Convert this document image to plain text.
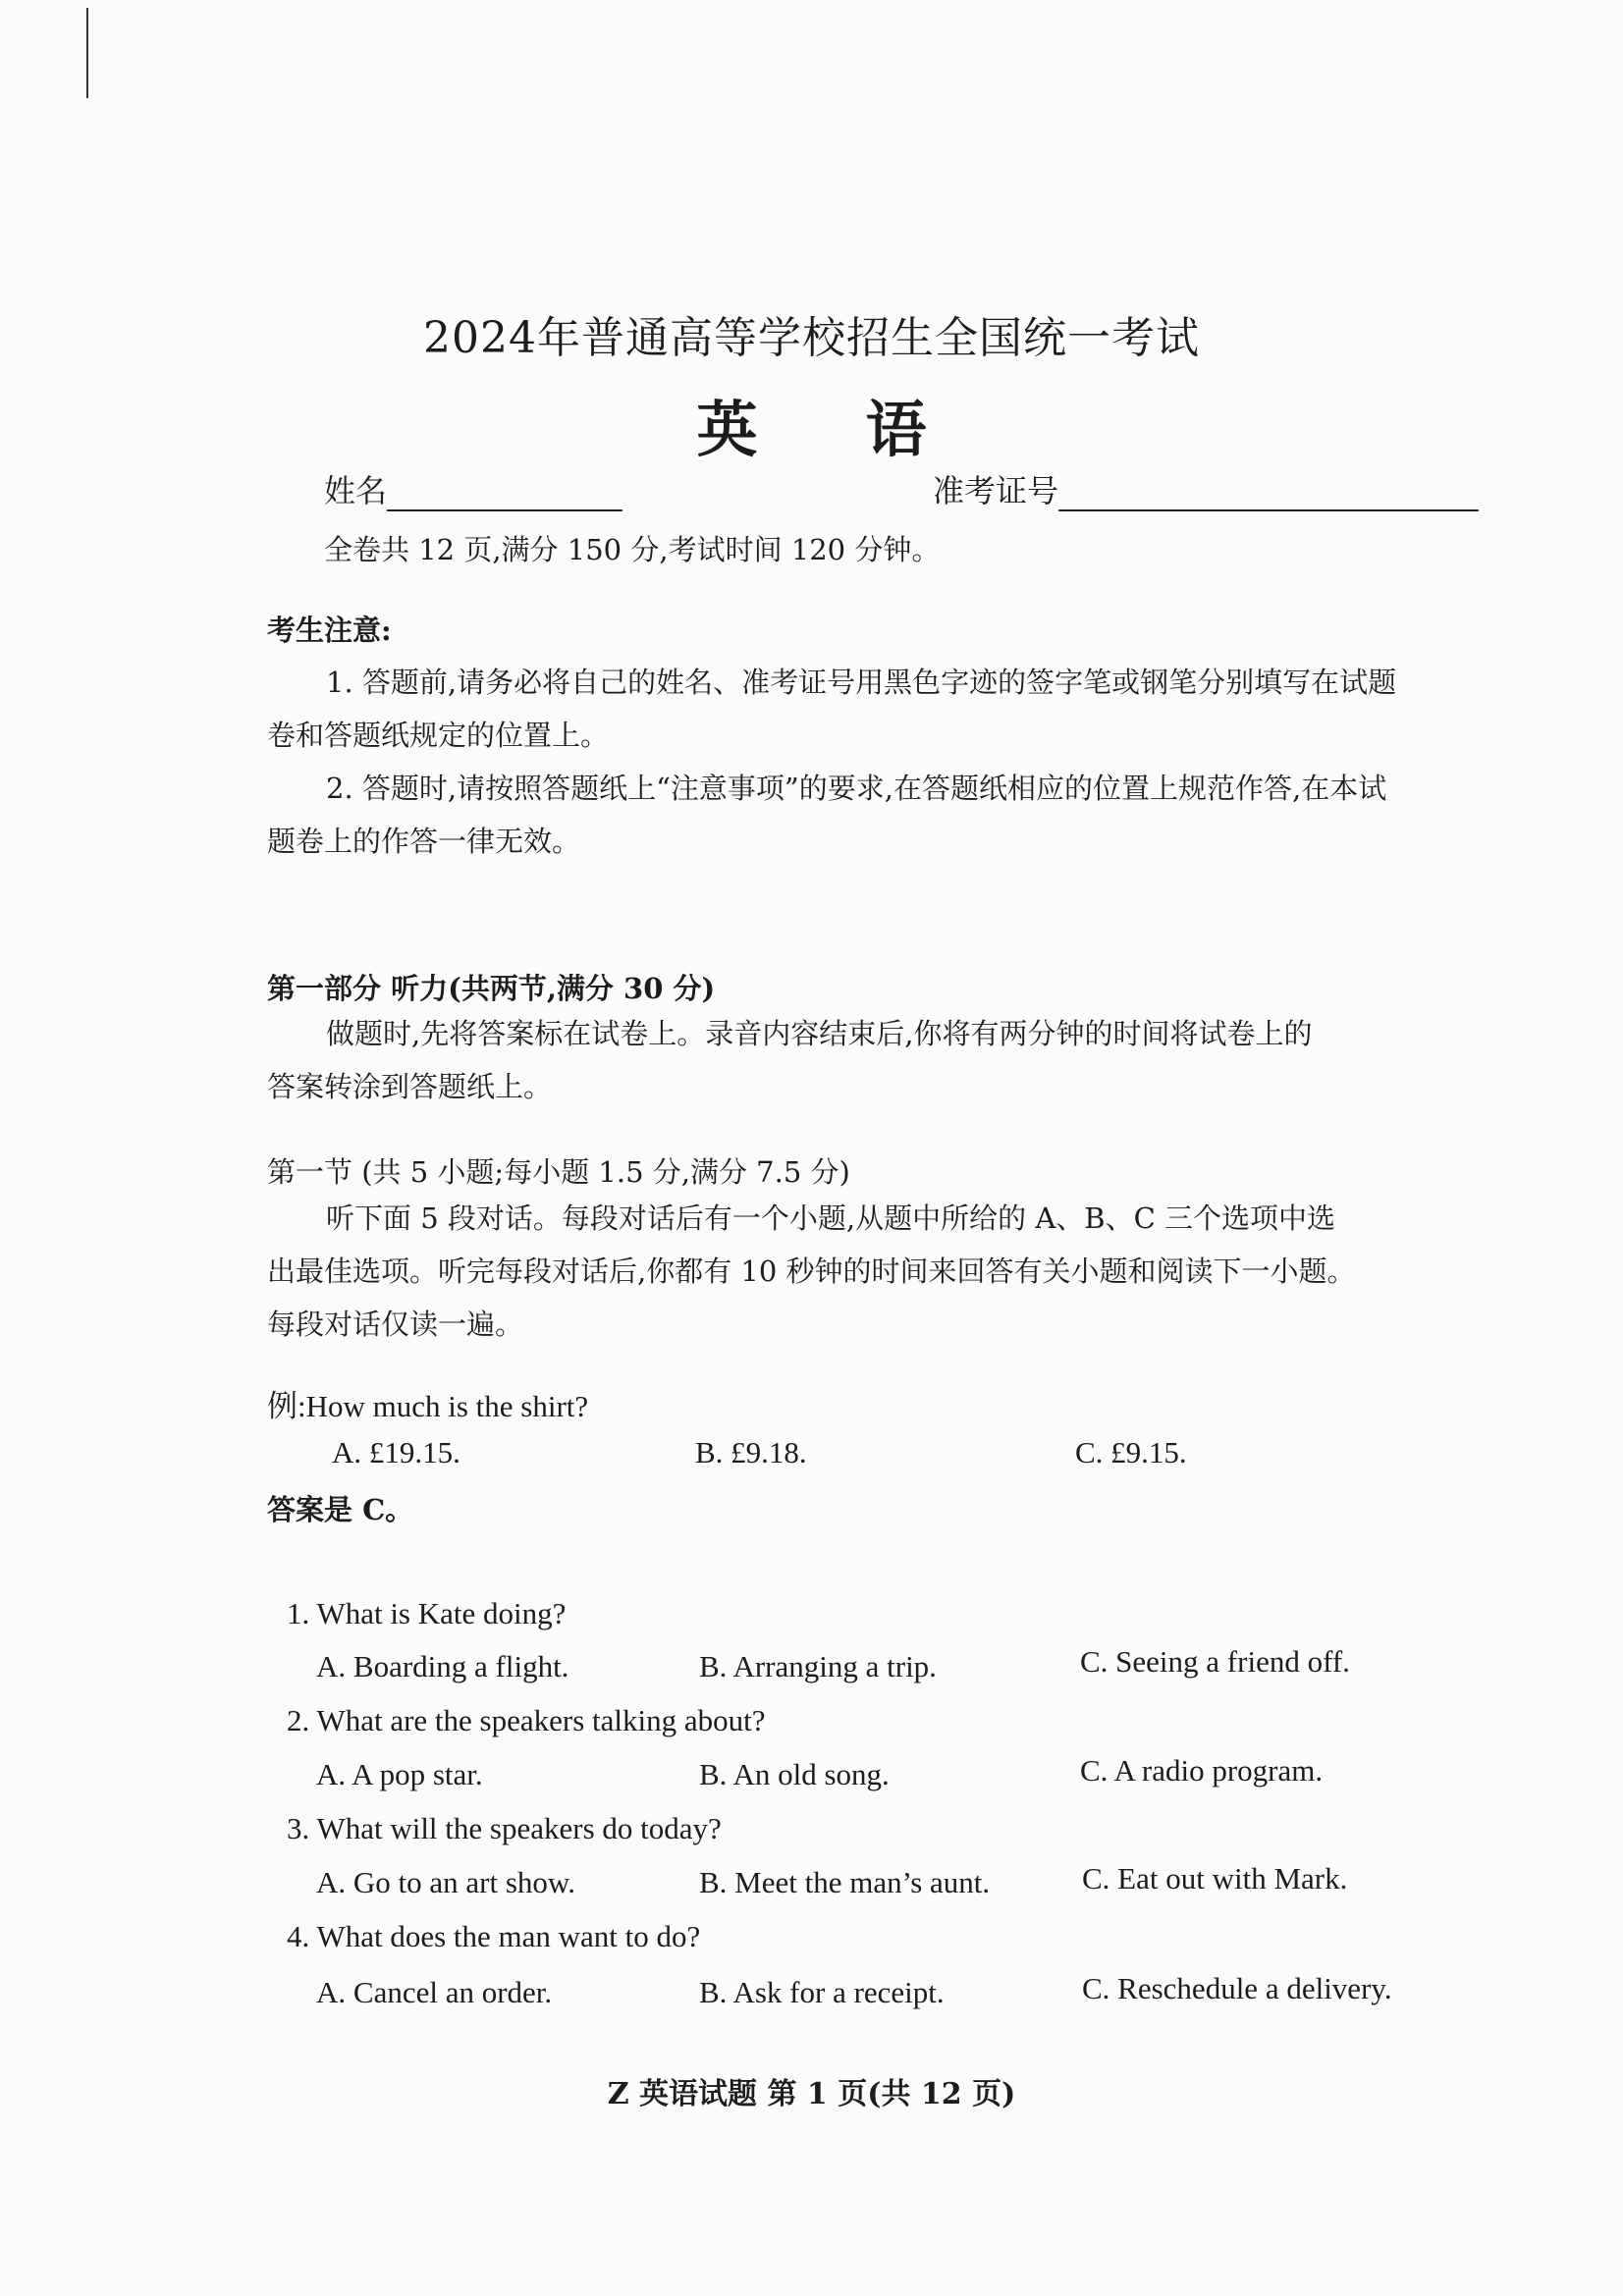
2024年普通高等学校招生全国统一考试
英语
姓名	准考证号
全卷共 12 页,满分 150 分,考试时间 120 分钟。
考生注意:
1. 答题前,请务必将自己的姓名、准考证号用黑色字迹的签字笔或钢笔分别填写在试题
卷和答题纸规定的位置上。
2. 答题时,请按照答题纸上“注意事项”的要求,在答题纸相应的位置上规范作答,在本试
题卷上的作答一律无效。
第一部分 听力(共两节,满分 30 分)
做题时,先将答案标在试卷上。录音内容结束后,你将有两分钟的时间将试卷上的
答案转涂到答题纸上。
第一节 (共 5 小题;每小题 1.5 分,满分 7.5 分)
听下面 5 段对话。每段对话后有一个小题,从题中所给的 A、B、C 三个选项中选
出最佳选项。听完每段对话后,你都有 10 秒钟的时间来回答有关小题和阅读下一小题。
每段对话仅读一遍。
例:How much is the shirt?
A. £19.15.	B. £9.18.	C. £9.15.
答案是 C。
1. What is Kate doing?
A. Boarding a flight.	B. Arranging a trip.	C. Seeing a friend off.
2. What are the speakers talking about?
A. A pop star.	B. An old song.	C. A radio program.
3. What will the speakers do today?
A. Go to an art show.	B. Meet the man’s aunt.	C. Eat out with Mark.
4. What does the man want to do?
A. Cancel an order.	B. Ask for a receipt.	C. Reschedule a delivery.
Z 英语试题 第 1 页(共 12 页)
